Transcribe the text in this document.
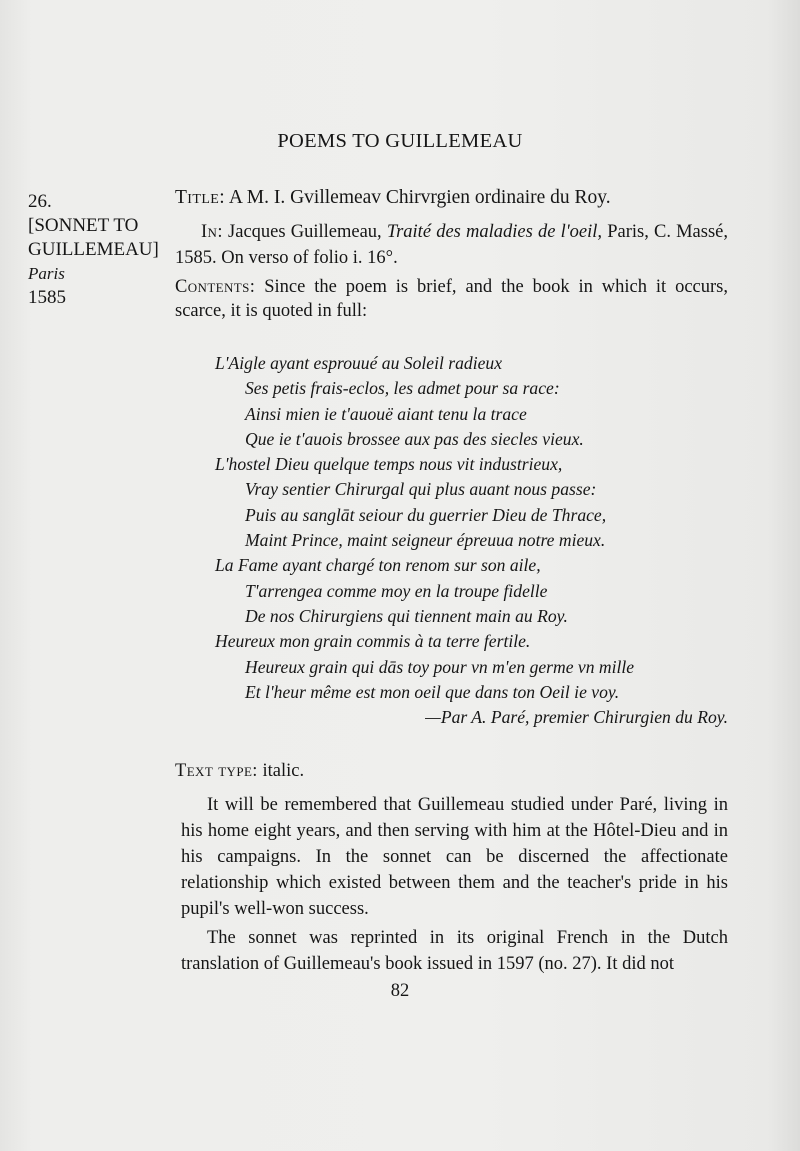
POEMS TO GUILLEMEAU
26.
[SONNET TO
GUILLEMEAU]
Paris
1585
Title: A M. I. Gvillemeav Chirvrgien ordinaire du Roy.
In: Jacques Guillemeau, Traité des maladies de l'oeil, Paris, C. Massé, 1585. On verso of folio i. 16°.
Contents: Since the poem is brief, and the book in which it occurs, scarce, it is quoted in full:
L'Aigle ayant esprouué au Soleil radieux
Ses petis frais-eclos, les admet pour sa race:
Ainsi mien ie t'auouë aiant tenu la trace
Que ie t'auois brossee aux pas des siecles vieux.
L'hostel Dieu quelque temps nous vit industrieux,
Vray sentier Chirurgal qui plus auant nous passe:
Puis au sanglāt seiour du guerrier Dieu de Thrace,
Maint Prince, maint seigneur épreuua notre mieux.
La Fame ayant chargé ton renom sur son aile,
T'arrengea comme moy en la troupe fidelle
De nos Chirurgiens qui tiennent main au Roy.
Heureux mon grain commis à ta terre fertile.
Heureux grain qui dās toy pour vn m'en germe vn mille
Et l'heur même est mon oeil que dans ton Oeil ie voy.
—Par A. Paré, premier Chirurgien du Roy.
Text type: italic.
It will be remembered that Guillemeau studied under Paré, living in his home eight years, and then serving with him at the Hôtel-Dieu and in his campaigns. In the sonnet can be discerned the affectionate relationship which existed between them and the teacher's pride in his pupil's well-won success.
The sonnet was reprinted in its original French in the Dutch translation of Guillemeau's book issued in 1597 (no. 27). It did not
82
